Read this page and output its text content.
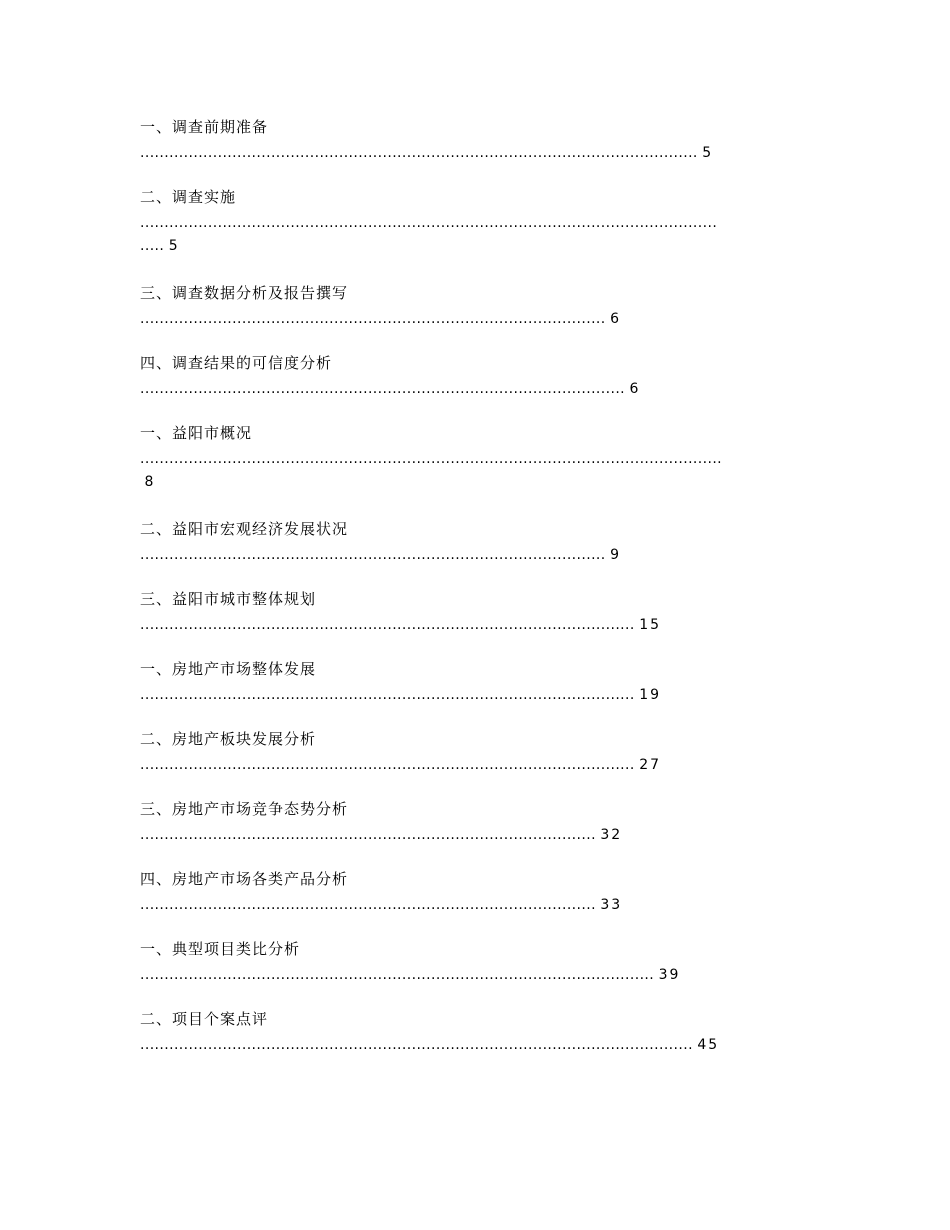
一、调查前期准备
................................................................................................................... 5
二、调查实施
.......................................................................................................................
..... 5
三、调查数据分析及报告撰写
................................................................................................ 6
四、调查结果的可信度分析
.................................................................................................... 6
一、益阳市概况
........................................................................................................................
8
二、益阳市宏观经济发展状况
................................................................................................ 9
三、益阳市城市整体规划
...................................................................................................... 15
一、房地产市场整体发展
...................................................................................................... 19
二、房地产板块发展分析
...................................................................................................... 27
三、房地产市场竞争态势分析
.............................................................................................. 32
四、房地产市场各类产品分析
.............................................................................................. 33
一、典型项目类比分析
.......................................................................................................... 39
二、项目个案点评
.................................................................................................................. 45
